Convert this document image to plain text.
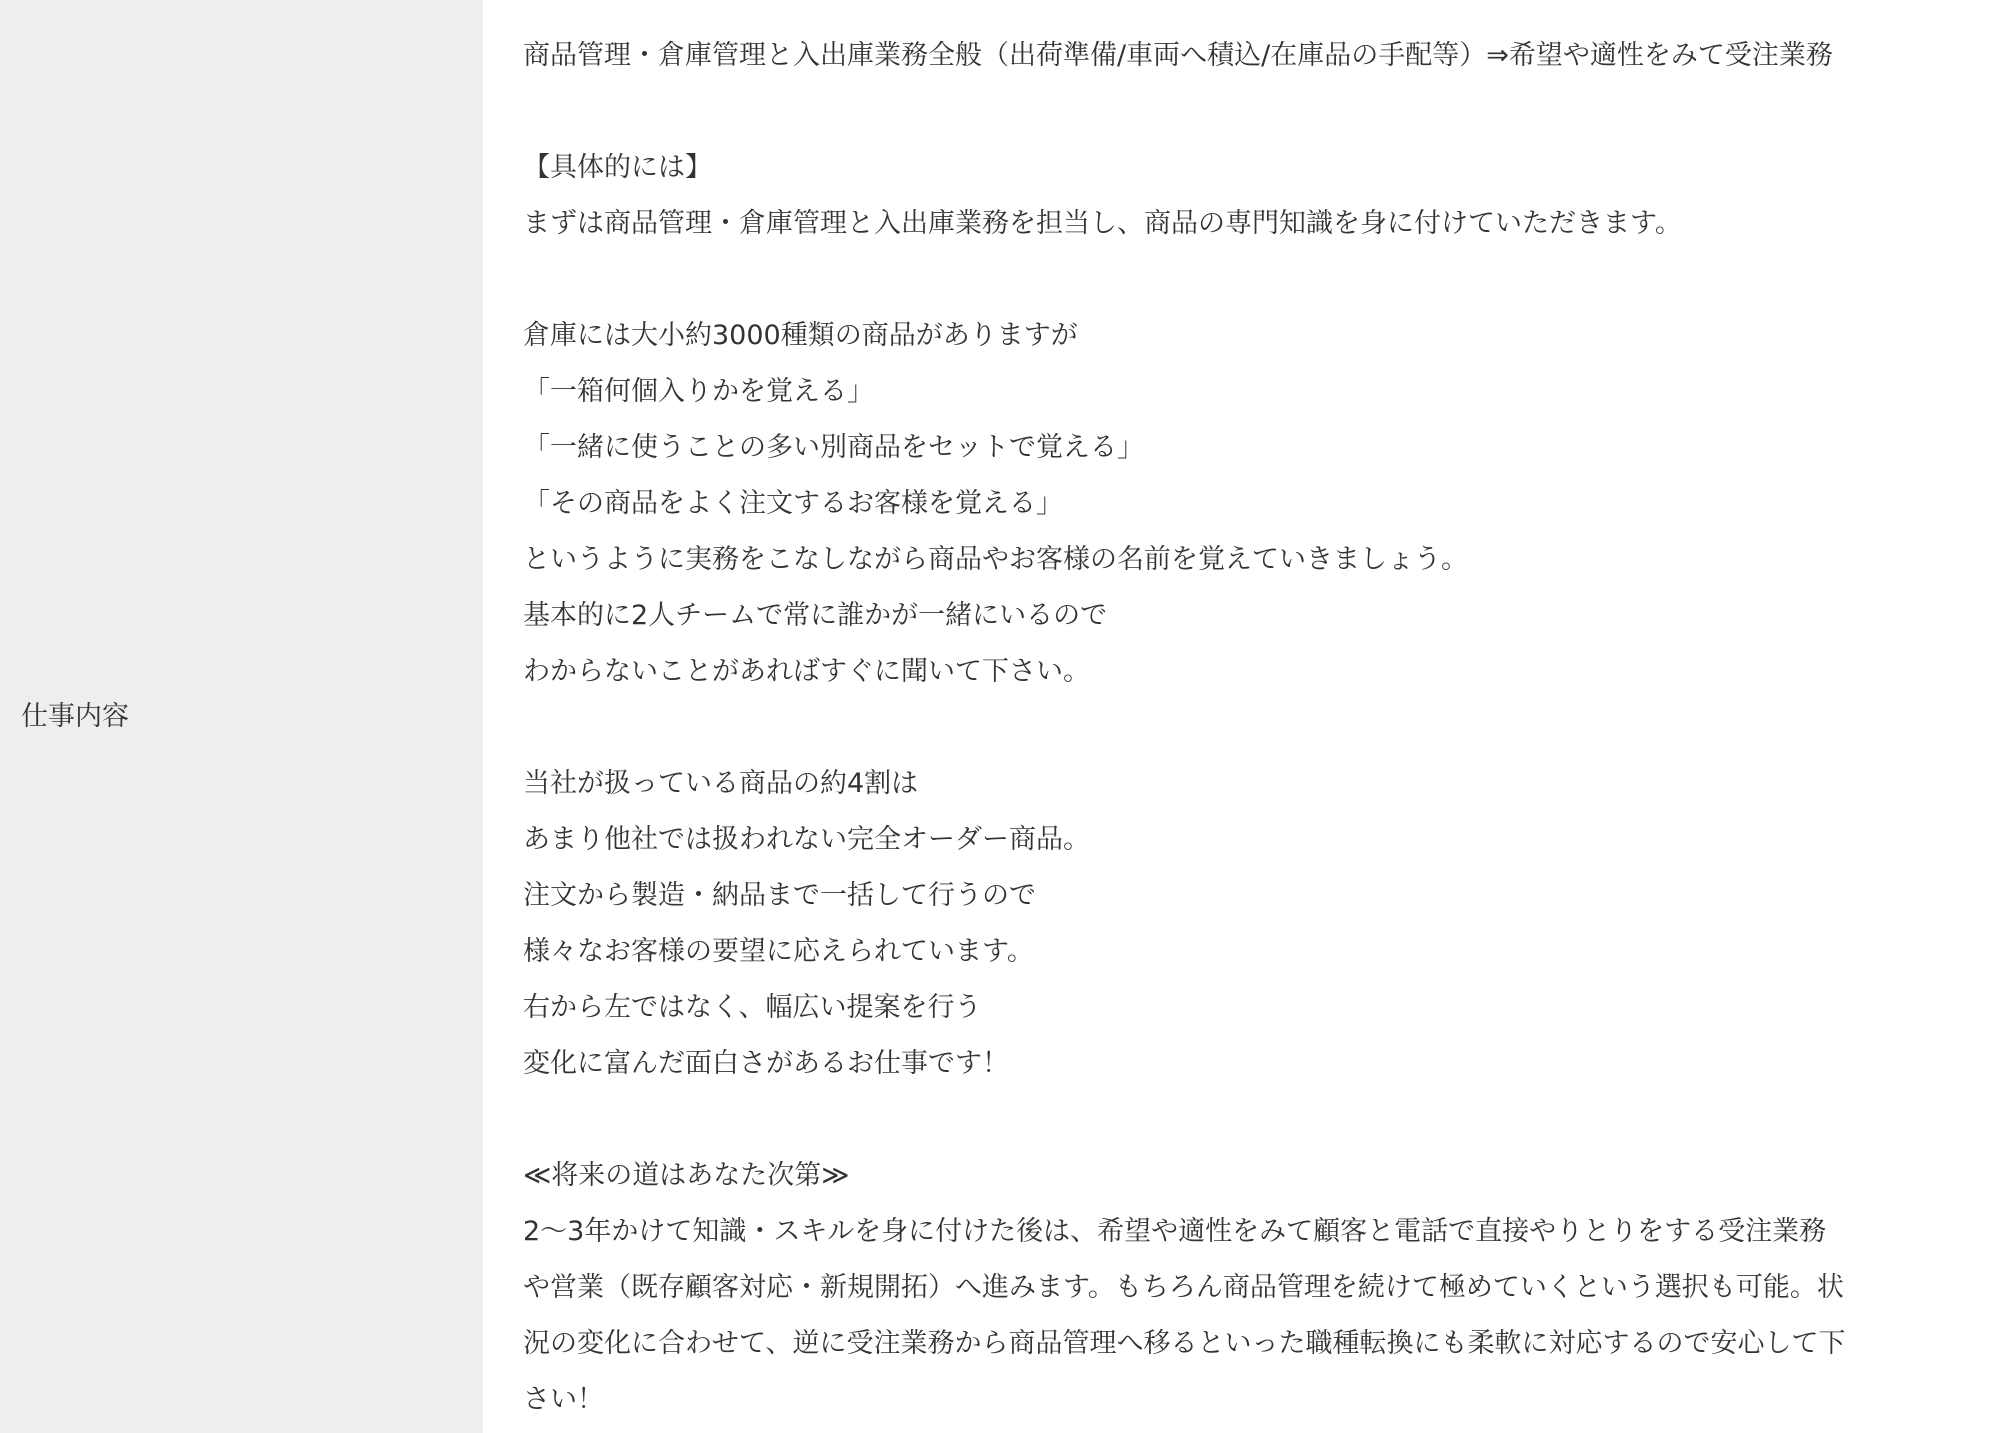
仕事内容
商品管理・倉庫管理と入出庫業務全般（出荷準備/車両へ積込/在庫品の手配等）⇒希望や適性をみて受注業務
【具体的には】
まずは商品管理・倉庫管理と入出庫業務を担当し、商品の専門知識を身に付けていただきます。
倉庫には大小約3000種類の商品がありますが
「一箱何個入りかを覚える」
「一緒に使うことの多い別商品をセットで覚える」
「その商品をよく注文するお客様を覚える」
というように実務をこなしながら商品やお客様の名前を覚えていきましょう。
基本的に2人チームで常に誰かが一緒にいるので
わからないことがあればすぐに聞いて下さい。
当社が扱っている商品の約4割は
あまり他社では扱われない完全オーダー商品。
注文から製造・納品まで一括して行うので
様々なお客様の要望に応えられています。
右から左ではなく、幅広い提案を行う
変化に富んだ面白さがあるお仕事です！
≪将来の道はあなた次第≫
2〜3年かけて知識・スキルを身に付けた後は、希望や適性をみて顧客と電話で直接やりとりをする受注業務
や営業（既存顧客対応・新規開拓）へ進みます。もちろん商品管理を続けて極めていくという選択も可能。状
況の変化に合わせて、逆に受注業務から商品管理へ移るといった職種転換にも柔軟に対応するので安心して下
さい！
